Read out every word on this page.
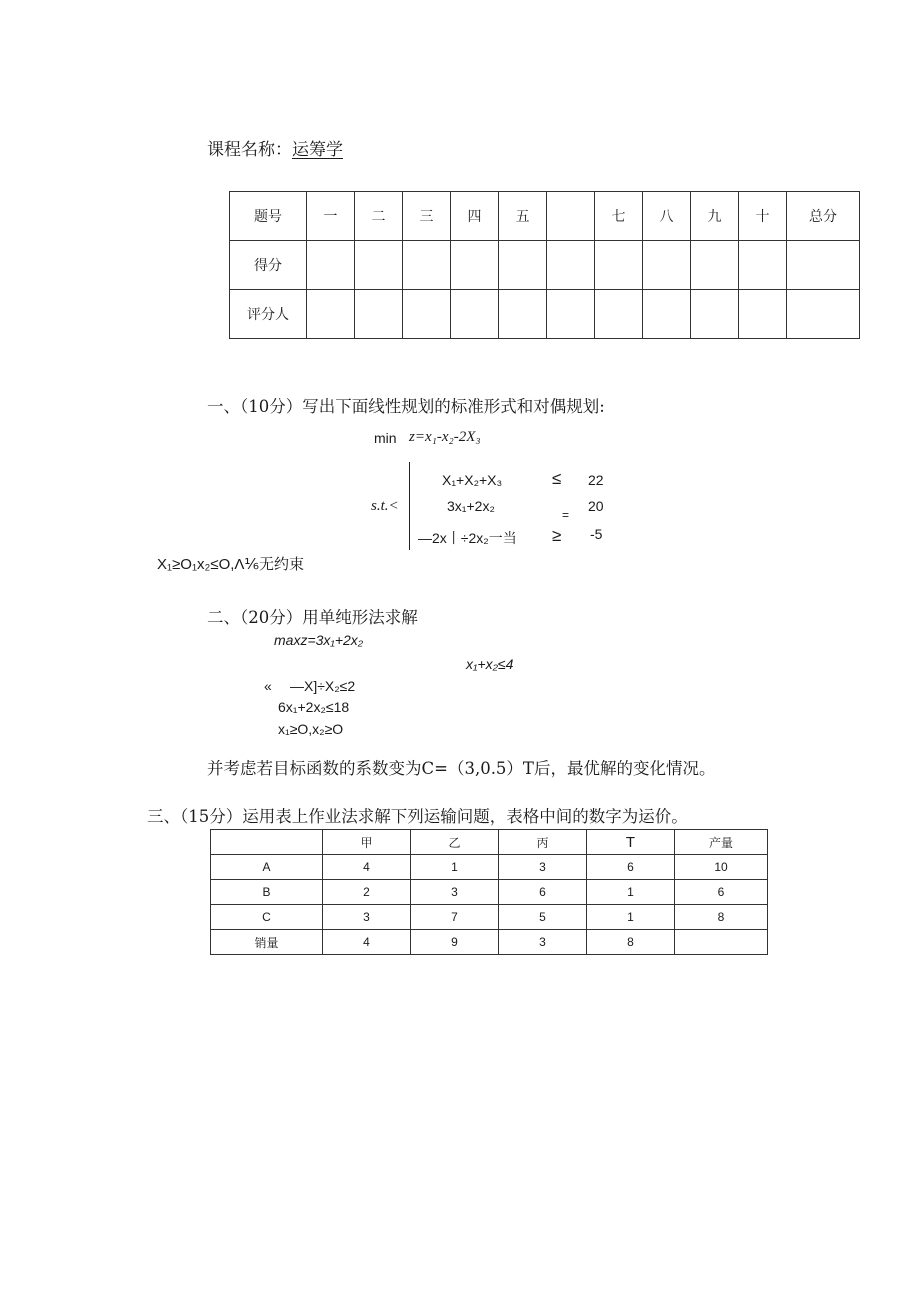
课程名称：运筹学
题号	一	二	三	四	五		七	八	九	十	总分
得分											
评分人											
一、（10分）写出下面线性规划的标准形式和对偶规划:
min z=x₁-x₂-2X₃
s.t.<
X₁+X₂+X₃	≤ 22
3x₁+2x₂
=
20
—2x丨÷2x₂一当 ≥ -5
X₁≥O₁x₂≤O,Λ⅙无约束
二、（20分）用单纯形法求解
maxz=3x₁+2x₂
x₁+x₂≤4
« —X]÷X₂≤2
6x₁+2x₂≤18
x₁≥O,x₂≥O
并考虑若目标函数的系数变为C=（3,0.5）T后，最优解的变化情况。
三、（15分）运用表上作业法求解下列运输问题，表格中间的数字为运价。
	甲	乙	丙	T	产量
A	4	1	3	6	10
B	2	3	6	1	6
C	3	7	5	1	8
销量	4	9	3	8	
